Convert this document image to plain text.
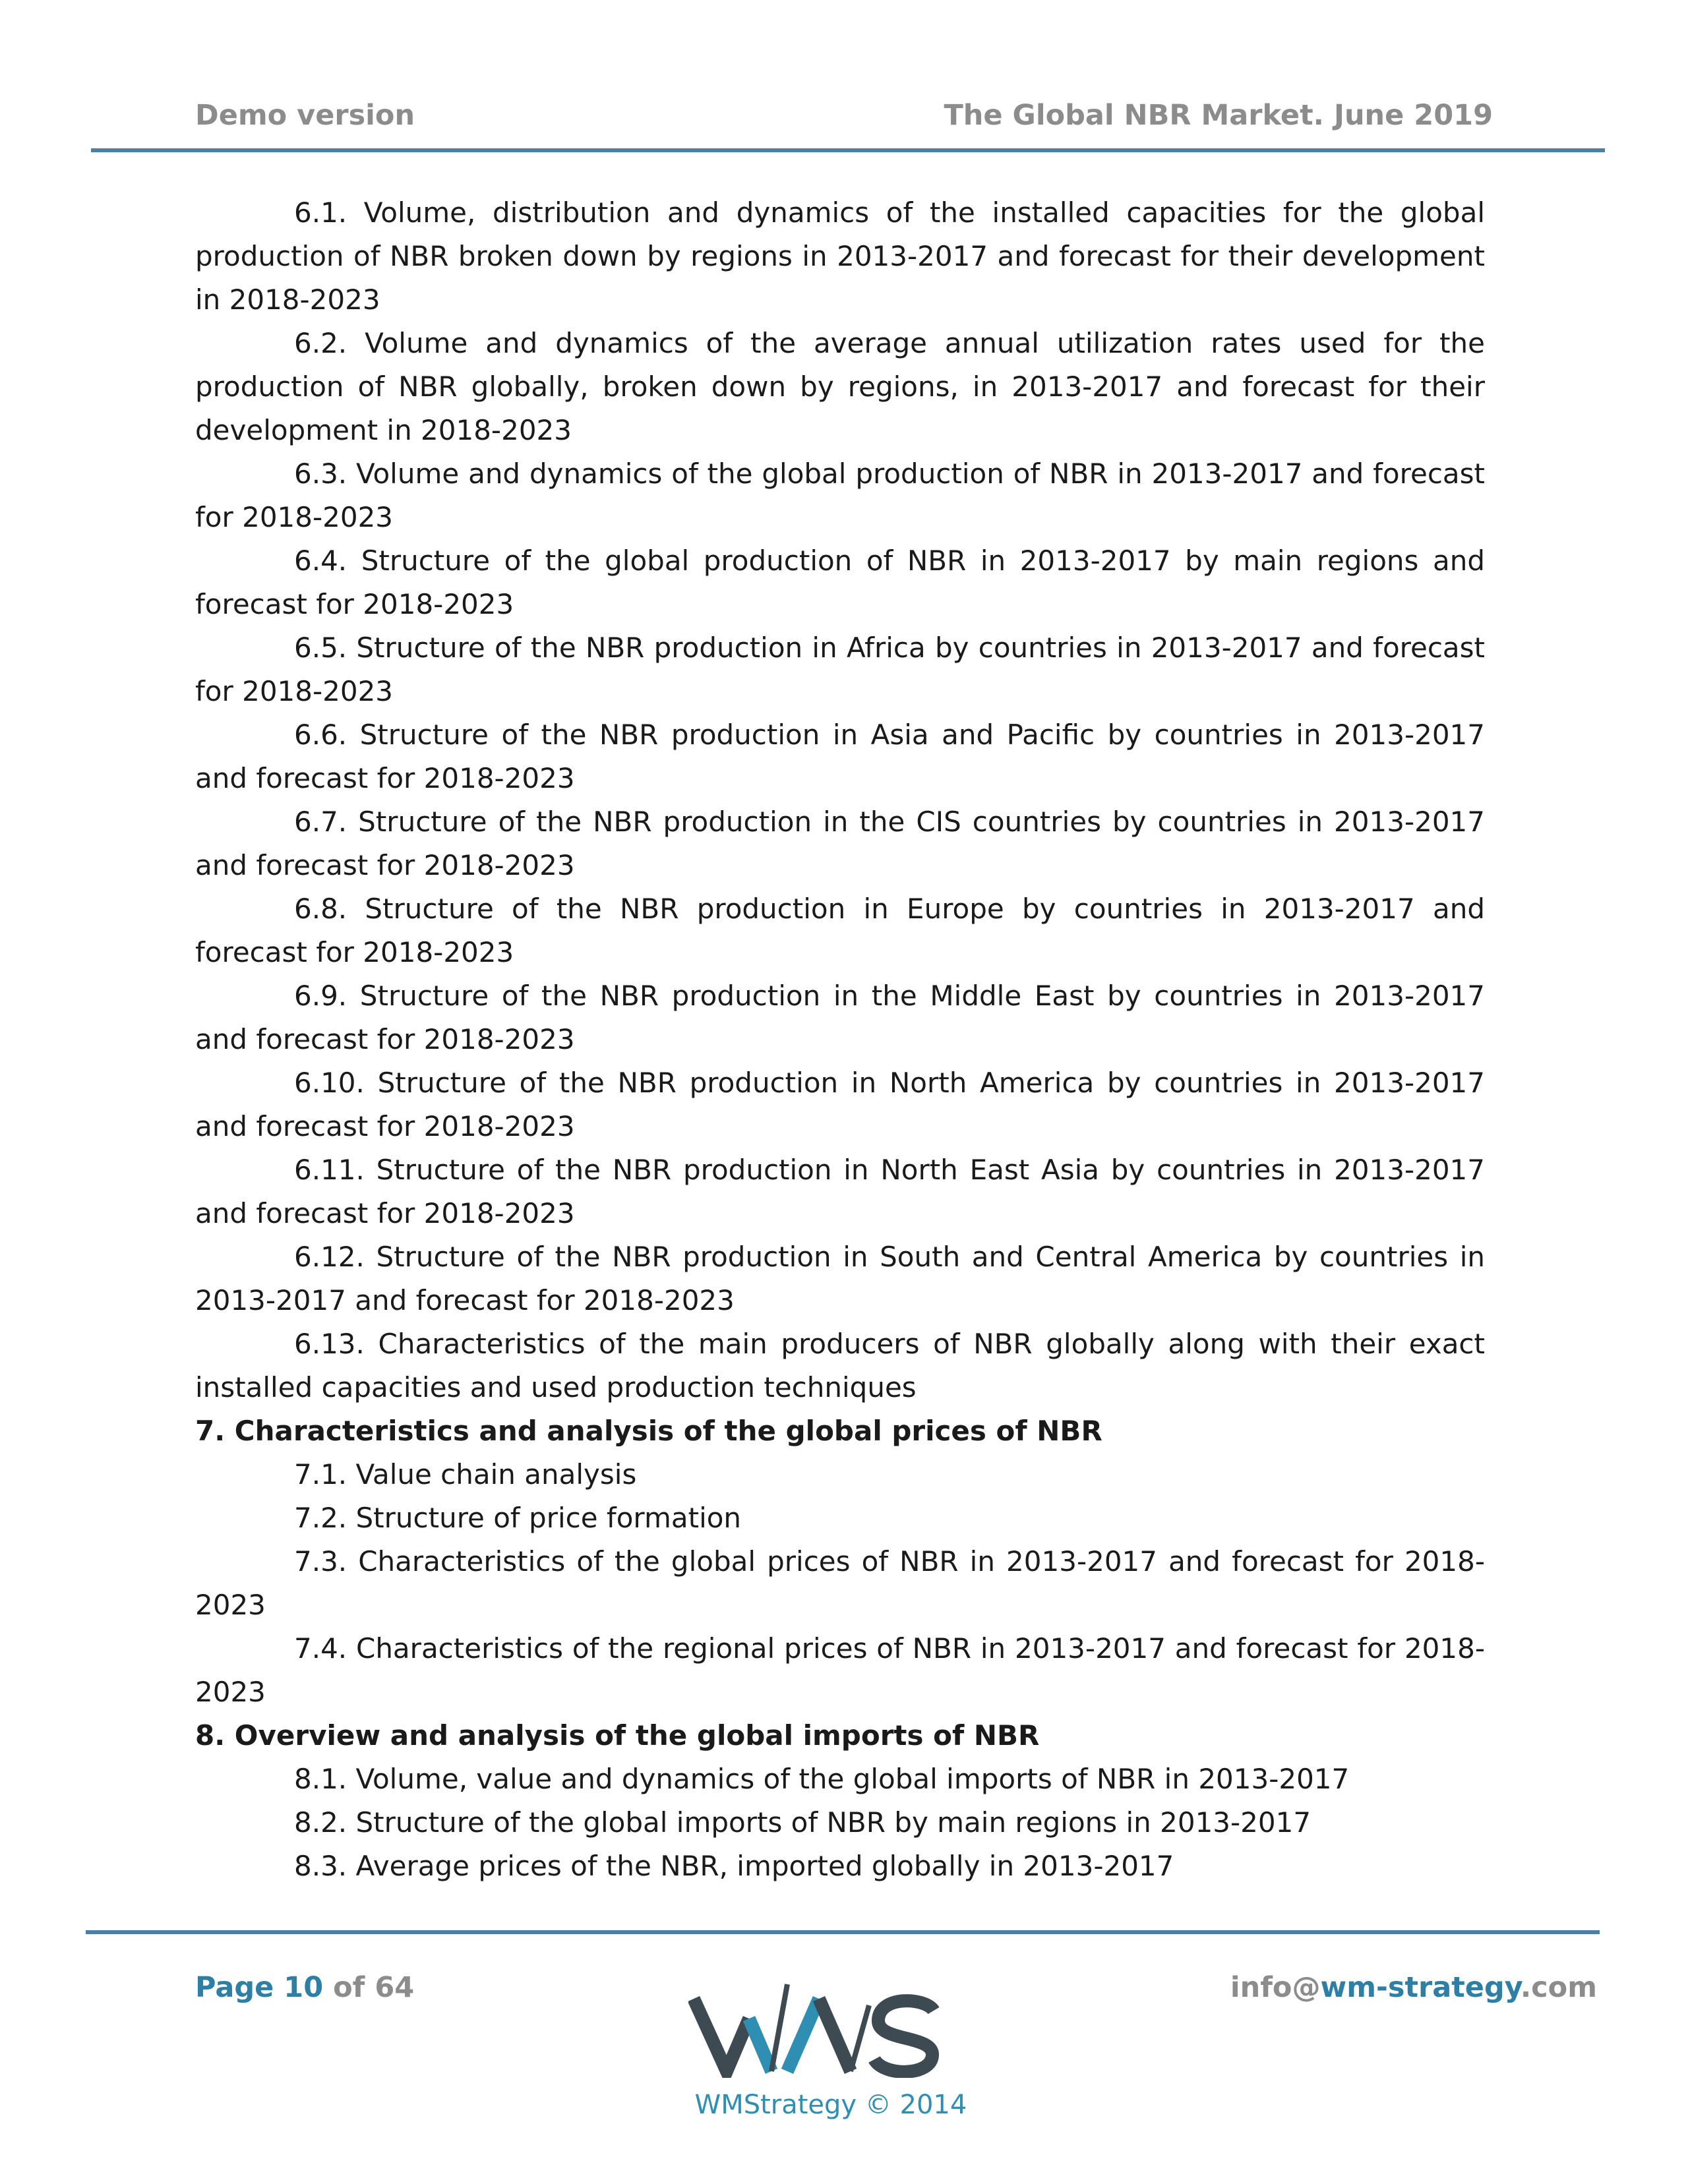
Demo version	The Global NBR Market. June 2019

6.1. Volume, distribution and dynamics of the installed capacities for the global production of NBR broken down by regions in 2013-2017 and forecast for their development in 2018-2023

6.2. Volume and dynamics of the average annual utilization rates used for the production of NBR globally, broken down by regions, in 2013-2017 and forecast for their development in 2018-2023

6.3. Volume and dynamics of the global production of NBR in 2013-2017 and forecast for 2018-2023

6.4. Structure of the global production of NBR in 2013-2017 by main regions and forecast for 2018-2023

6.5. Structure of the NBR production in Africa by countries in 2013-2017 and forecast for 2018-2023

6.6. Structure of the NBR production in Asia and Pacific by countries in 2013-2017 and forecast for 2018-2023

6.7. Structure of the NBR production in the CIS countries by countries in 2013-2017 and forecast for 2018-2023

6.8. Structure of the NBR production in Europe by countries in 2013-2017 and forecast for 2018-2023

6.9. Structure of the NBR production in the Middle East by countries in 2013-2017 and forecast for 2018-2023

6.10. Structure of the NBR production in North America by countries in 2013-2017 and forecast for 2018-2023

6.11. Structure of the NBR production in North East Asia by countries in 2013-2017 and forecast for 2018-2023

6.12. Structure of the NBR production in South and Central America by countries in 2013-2017 and forecast for 2018-2023

6.13. Characteristics of the main producers of NBR globally along with their exact installed capacities and used production techniques

7. Characteristics and analysis of the global prices of NBR

7.1. Value chain analysis

7.2. Structure of price formation

7.3. Characteristics of the global prices of NBR in 2013-2017 and forecast for 2018-2023

7.4. Characteristics of the regional prices of NBR in 2013-2017 and forecast for 2018-2023

8. Overview and analysis of the global imports of NBR

8.1. Volume, value and dynamics of the global imports of NBR in 2013-2017

8.2. Structure of the global imports of NBR by main regions in 2013-2017

8.3. Average prices of the NBR, imported globally in 2013-2017

Page 10 of 64	info@wm-strategy.com
WMStrategy © 2014
